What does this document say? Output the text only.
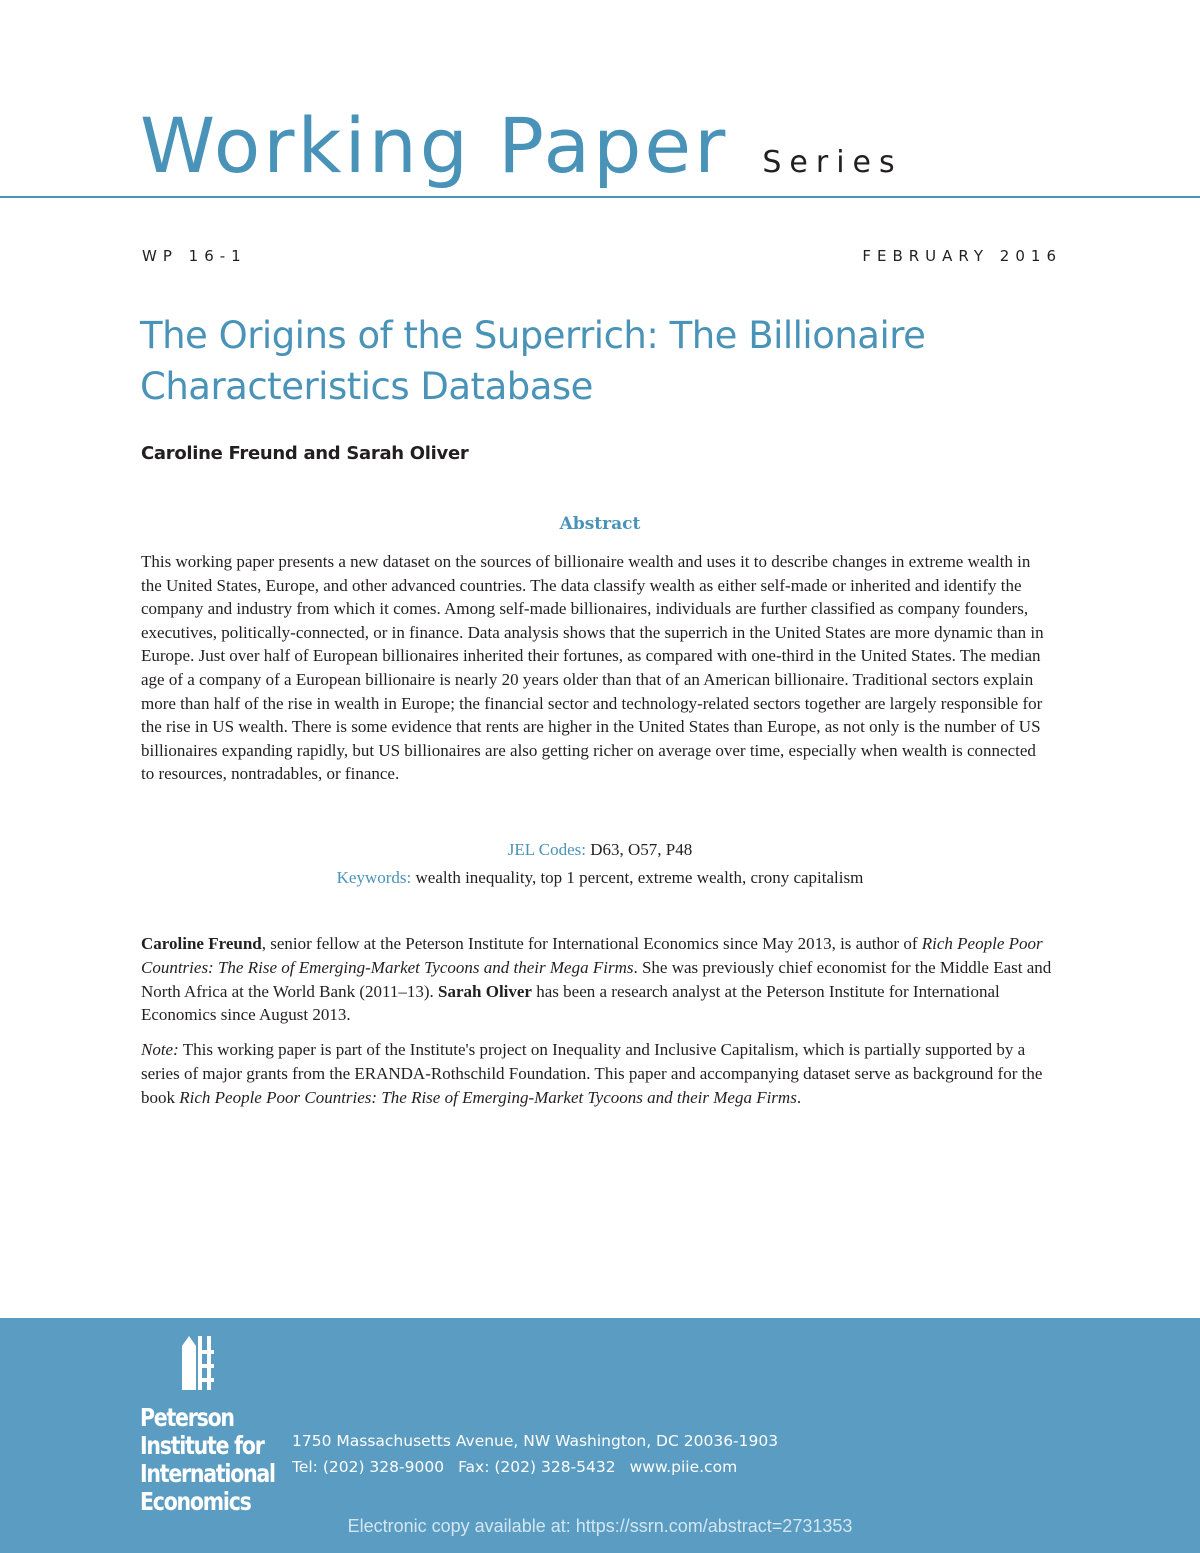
Working Paper Series
WP 16-1	FEBRUARY 2016
The Origins of the Superrich: The Billionaire
Characteristics Database
Caroline Freund and Sarah Oliver
Abstract

This working paper presents a new dataset on the sources of billionaire wealth and uses it to describe changes in extreme wealth in the United States, Europe, and other advanced countries. The data classify wealth as either self-made or inherited and identify the company and industry from which it comes. Among self-made billionaires, individuals are further classified as company founders, executives, politically-connected, or in finance. Data analysis shows that the superrich in the United States are more dynamic than in Europe. Just over half of European billionaires inherited their fortunes, as compared with one-third in the United States. The median age of a company of a European billionaire is nearly 20 years older than that of an American billionaire. Traditional sectors explain more than half of the rise in wealth in Europe; the financial sector and technology-related sectors together are largely responsible for the rise in US wealth. There is some evidence that rents are higher in the United States than Europe, as not only is the number of US billionaires expanding rapidly, but US billionaires are also getting richer on average over time, especially when wealth is connected to resources, nontradables, or finance.

JEL Codes: D63, O57, P48
Keywords: wealth inequality, top 1 percent, extreme wealth, crony capitalism

Caroline Freund, senior fellow at the Peterson Institute for International Economics since May 2013, is author of Rich People Poor Countries: The Rise of Emerging-Market Tycoons and their Mega Firms. She was previously chief economist for the Middle East and North Africa at the World Bank (2011–13). Sarah Oliver has been a research analyst at the Peterson Institute for International Economics since August 2013.

Note: This working paper is part of the Institute's project on Inequality and Inclusive Capitalism, which is partially supported by a series of major grants from the ERANDA-Rothschild Foundation. This paper and accompanying dataset serve as background for the book Rich People Poor Countries: The Rise of Emerging-Market Tycoons and their Mega Firms.

Peterson
Institute for
International
Economics
1750 Massachusetts Avenue, NW Washington, DC 20036-1903
Tel: (202) 328-9000 Fax: (202) 328-5432 www.piie.com
Electronic copy available at: https://ssrn.com/abstract=2731353
